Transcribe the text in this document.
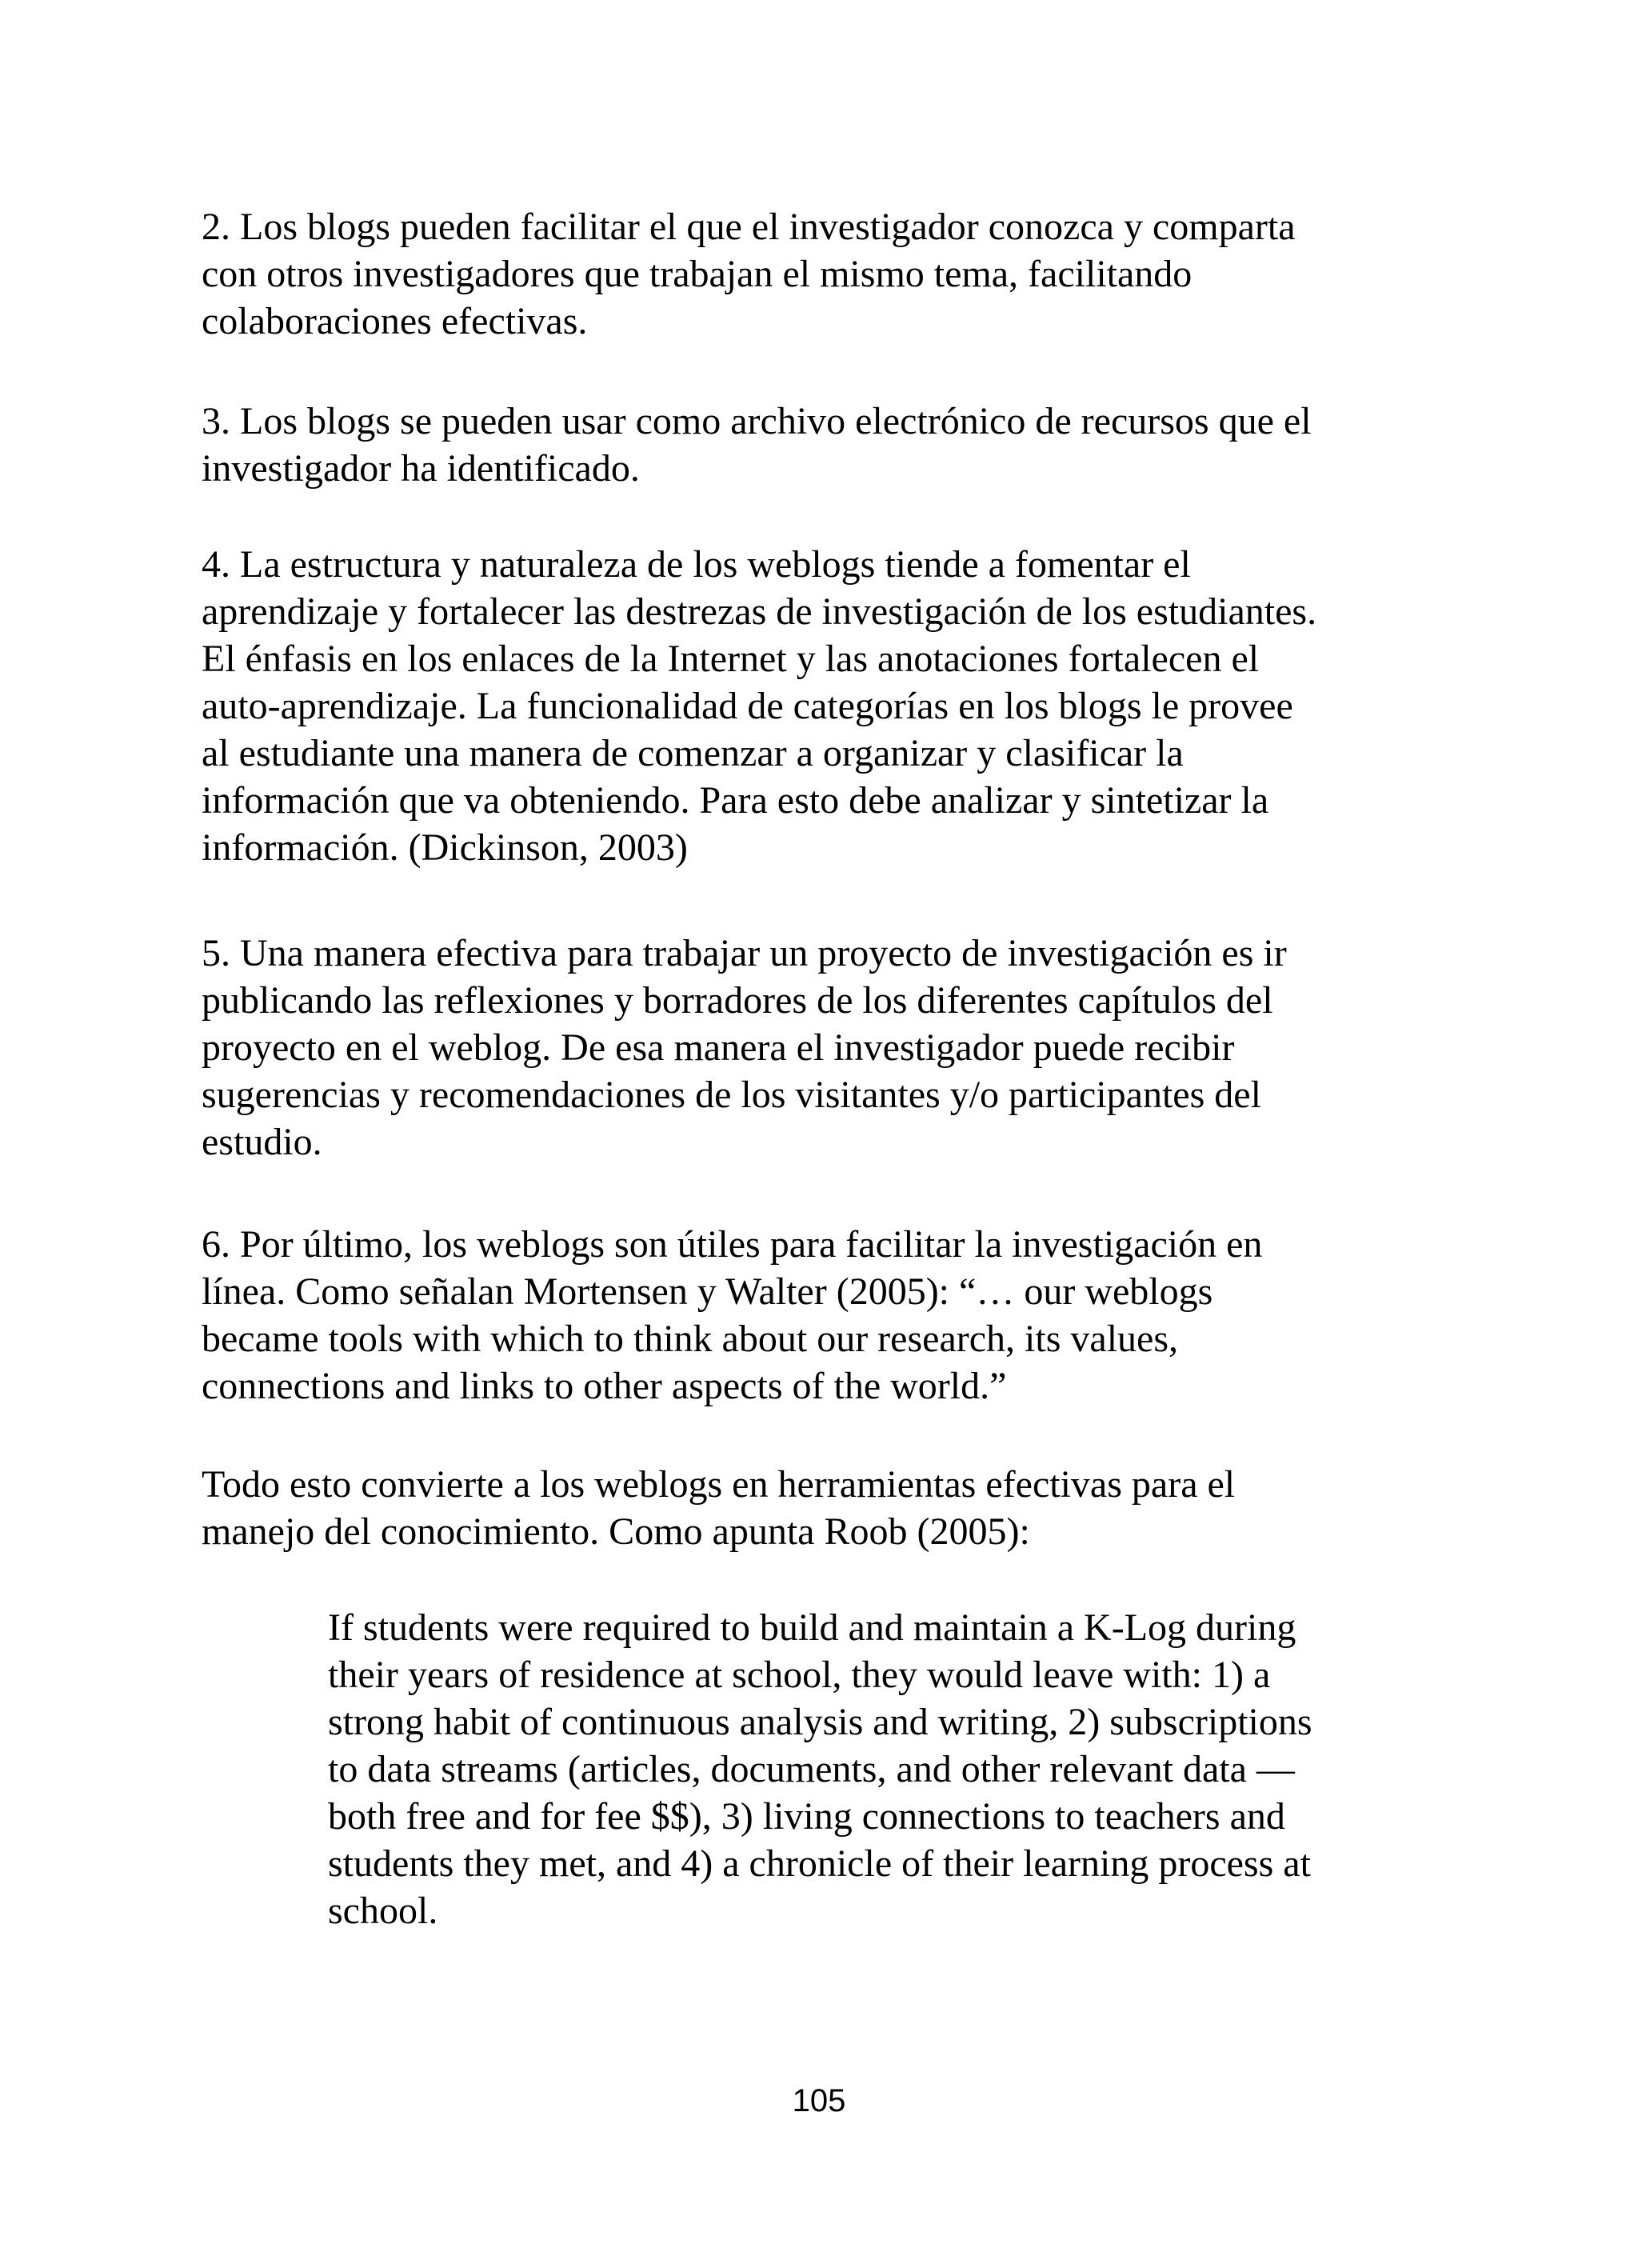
2. Los blogs pueden facilitar el que el investigador conozca y comparta
con otros investigadores que trabajan el mismo tema, facilitando
colaboraciones efectivas.

3. Los blogs se pueden usar como archivo electrónico de recursos que el
investigador ha identificado.

4. La estructura y naturaleza de los weblogs tiende a fomentar el
aprendizaje y fortalecer las destrezas de investigación de los estudiantes.
El énfasis en los enlaces de la Internet y las anotaciones fortalecen el
auto-aprendizaje. La funcionalidad de categorías en los blogs le provee
al estudiante una manera de comenzar a organizar y clasificar la
información que va obteniendo. Para esto debe analizar y sintetizar la
información. (Dickinson, 2003)

5. Una manera efectiva para trabajar un proyecto de investigación es ir
publicando las reflexiones y borradores de los diferentes capítulos del
proyecto en el weblog. De esa manera el investigador puede recibir
sugerencias y recomendaciones de los visitantes y/o participantes del
estudio.

6. Por último, los weblogs son útiles para facilitar la investigación en
línea. Como señalan Mortensen y Walter (2005): “… our weblogs
became tools with which to think about our research, its values,
connections and links to other aspects of the world.”

Todo esto convierte a los weblogs en herramientas efectivas para el
manejo del conocimiento. Como apunta Roob (2005):

If students were required to build and maintain a K-Log during
their years of residence at school, they would leave with: 1) a
strong habit of continuous analysis and writing, 2) subscriptions
to data streams (articles, documents, and other relevant data —
both free and for fee $$), 3) living connections to teachers and
students they met, and 4) a chronicle of their learning process at
school.
105
